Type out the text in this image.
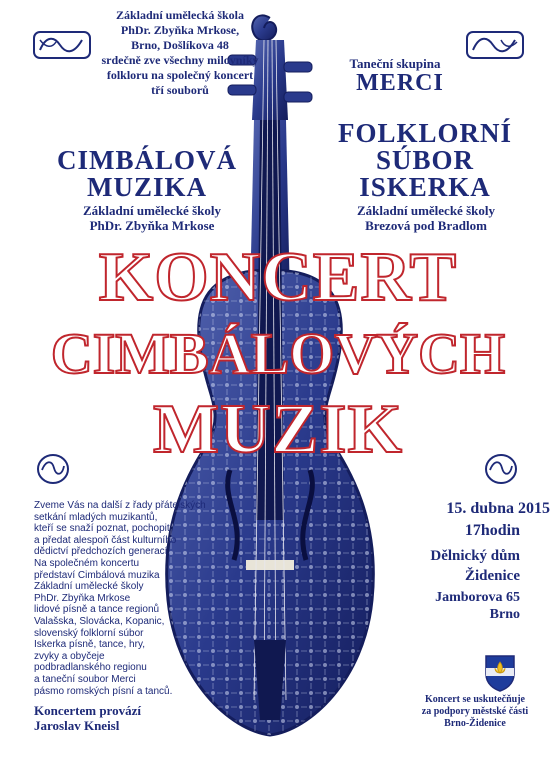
Základní umělecká škola
PhDr. Zbyňka Mrkose,
Brno, Došlíkova 48
srdečně zve všechny milovníky
folkloru na společný koncert
tří souborů
Taneční skupina
MERCI
CIMBÁLOVÁ
MUZIKA
Základní umělecké školy
PhDr. Zbyňka Mrkose
FOLKLORNÍ
SÚBOR
ISKERKA
Základní umělecké školy
Brezová pod Bradlom
KONCERT
CIMBÁLOVÝCH
MUZIK
15. dubna 2015
17hodin
Dělnický dům
Židenice
Jamborova 65
Brno
Zveme Vás na další z řady přátelských
setkání mladých muzikantů,
kteří se snaží poznat, pochopit
a předat alespoň část kulturního
dědictví předchozích generací.
Na společném koncertu
představí Cimbálová muzika
Základní umělecké školy
PhDr. Zbyňka Mrkose
lidové písně a tance regionů
Valašska, Slovácka, Kopanic,
slovenský folklorní súbor
Iskerka písně, tance, hry,
zvyky a obyčeje
podbradlanského regionu
a taneční soubor Merci
pásmo romských písní a tanců.
Koncertem provází
Jaroslav Kneisl
Koncert se uskutečňuje
za podpory městské části
Brno-Židenice
